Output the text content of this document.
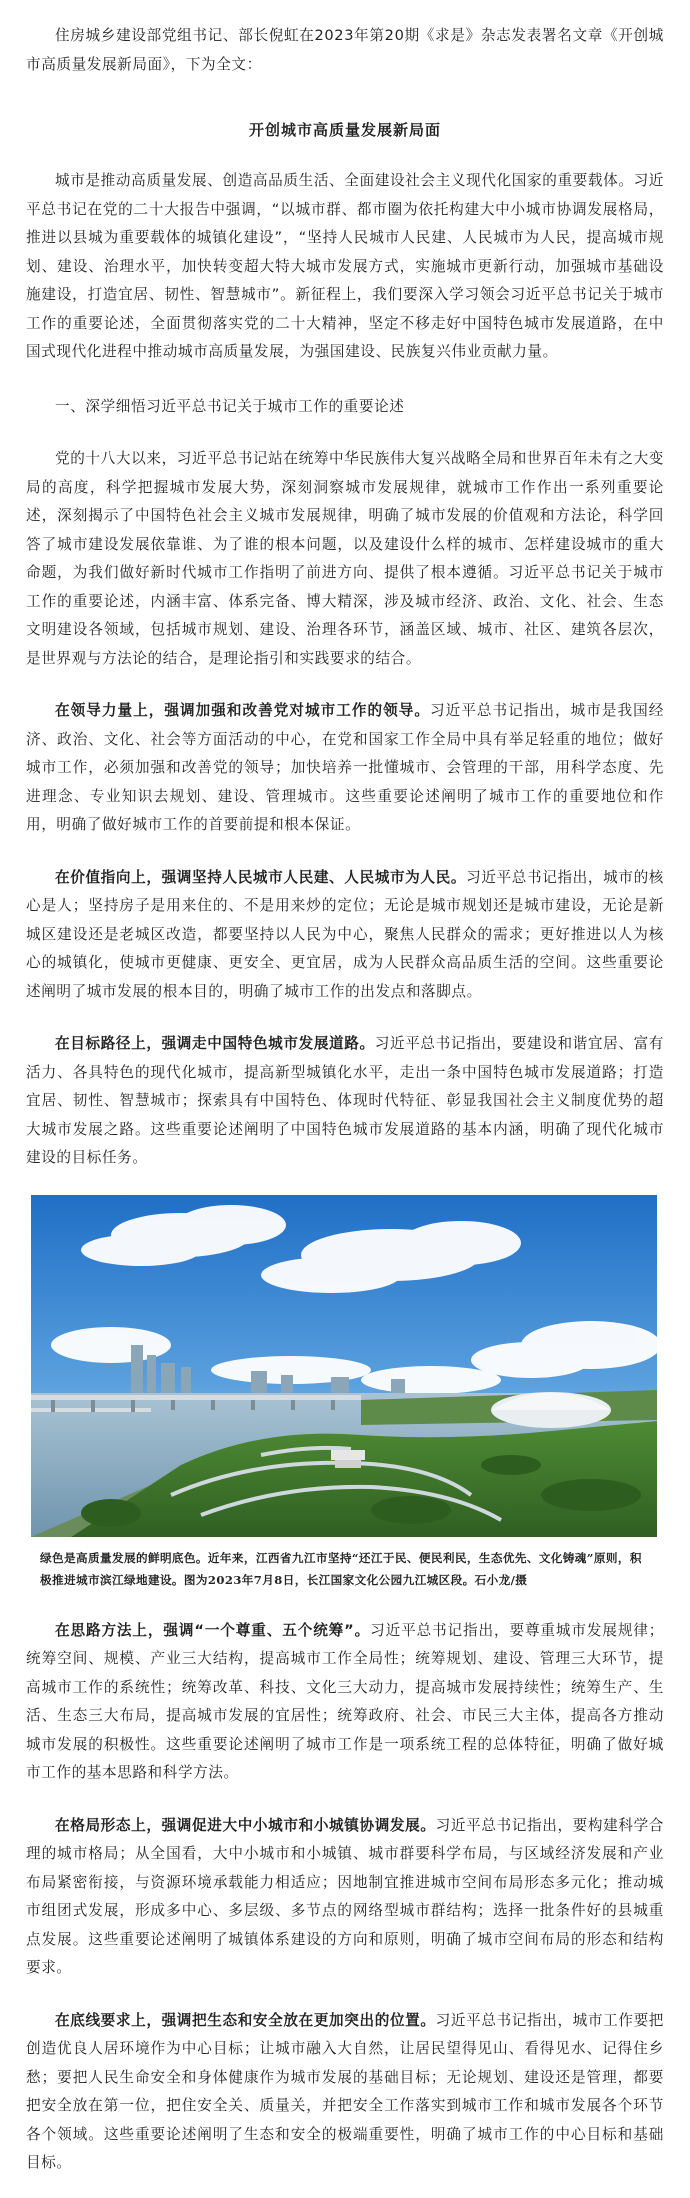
住房城乡建设部党组书记、部长倪虹在2023年第20期《求是》杂志发表署名文章《开创城市高质量发展新局面》，下为全文：

开创城市高质量发展新局面

城市是推动高质量发展、创造高品质生活、全面建设社会主义现代化国家的重要载体。习近平总书记在党的二十大报告中强调，“以城市群、都市圈为依托构建大中小城市协调发展格局，推进以县城为重要载体的城镇化建设”，“坚持人民城市人民建、人民城市为人民，提高城市规划、建设、治理水平，加快转变超大特大城市发展方式，实施城市更新行动，加强城市基础设施建设，打造宜居、韧性、智慧城市”。新征程上，我们要深入学习领会习近平总书记关于城市工作的重要论述，全面贯彻落实党的二十大精神，坚定不移走好中国特色城市发展道路，在中国式现代化进程中推动城市高质量发展，为强国建设、民族复兴伟业贡献力量。

一、深学细悟习近平总书记关于城市工作的重要论述

党的十八大以来，习近平总书记站在统筹中华民族伟大复兴战略全局和世界百年未有之大变局的高度，科学把握城市发展大势，深刻洞察城市发展规律，就城市工作作出一系列重要论述，深刻揭示了中国特色社会主义城市发展规律，明确了城市发展的价值观和方法论，科学回答了城市建设发展依靠谁、为了谁的根本问题，以及建设什么样的城市、怎样建设城市的重大命题，为我们做好新时代城市工作指明了前进方向、提供了根本遵循。习近平总书记关于城市工作的重要论述，内涵丰富、体系完备、博大精深，涉及城市经济、政治、文化、社会、生态文明建设各领域，包括城市规划、建设、治理各环节，涵盖区域、城市、社区、建筑各层次，是世界观与方法论的结合，是理论指引和实践要求的结合。

在领导力量上，强调加强和改善党对城市工作的领导。习近平总书记指出，城市是我国经济、政治、文化、社会等方面活动的中心，在党和国家工作全局中具有举足轻重的地位；做好城市工作，必须加强和改善党的领导；加快培养一批懂城市、会管理的干部，用科学态度、先进理念、专业知识去规划、建设、管理城市。这些重要论述阐明了城市工作的重要地位和作用，明确了做好城市工作的首要前提和根本保证。

在价值指向上，强调坚持人民城市人民建、人民城市为人民。习近平总书记指出，城市的核心是人；坚持房子是用来住的、不是用来炒的定位；无论是城市规划还是城市建设，无论是新城区建设还是老城区改造，都要坚持以人民为中心，聚焦人民群众的需求；更好推进以人为核心的城镇化，使城市更健康、更安全、更宜居，成为人民群众高品质生活的空间。这些重要论述阐明了城市发展的根本目的，明确了城市工作的出发点和落脚点。

在目标路径上，强调走中国特色城市发展道路。习近平总书记指出，要建设和谐宜居、富有活力、各具特色的现代化城市，提高新型城镇化水平，走出一条中国特色城市发展道路；打造宜居、韧性、智慧城市；探索具有中国特色、体现时代特征、彰显我国社会主义制度优势的超大城市发展之路。这些重要论述阐明了中国特色城市发展道路的基本内涵，明确了现代化城市建设的目标任务。

绿色是高质量发展的鲜明底色。近年来，江西省九江市坚持“还江于民、便民利民，生态优先、文化铸魂”原则，积极推进城市滨江绿地建设。图为2023年7月8日，长江国家文化公园九江城区段。石小龙/摄

在思路方法上，强调“一个尊重、五个统筹”。习近平总书记指出，要尊重城市发展规律；统筹空间、规模、产业三大结构，提高城市工作全局性；统筹规划、建设、管理三大环节，提高城市工作的系统性；统筹改革、科技、文化三大动力，提高城市发展持续性；统筹生产、生活、生态三大布局，提高城市发展的宜居性；统筹政府、社会、市民三大主体，提高各方推动城市发展的积极性。这些重要论述阐明了城市工作是一项系统工程的总体特征，明确了做好城市工作的基本思路和科学方法。

在格局形态上，强调促进大中小城市和小城镇协调发展。习近平总书记指出，要构建科学合理的城市格局；从全国看，大中小城市和小城镇、城市群要科学布局，与区域经济发展和产业布局紧密衔接，与资源环境承载能力相适应；因地制宜推进城市空间布局形态多元化；推动城市组团式发展，形成多中心、多层级、多节点的网络型城市群结构；选择一批条件好的县城重点发展。这些重要论述阐明了城镇体系建设的方向和原则，明确了城市空间布局的形态和结构要求。

在底线要求上，强调把生态和安全放在更加突出的位置。习近平总书记指出，城市工作要把创造优良人居环境作为中心目标；让城市融入大自然，让居民望得见山、看得见水、记得住乡愁；要把人民生命安全和身体健康作为城市发展的基础目标；无论规划、建设还是管理，都要把安全放在第一位，把住安全关、质量关，并把安全工作落实到城市工作和城市发展各个环节各个领域。这些重要论述阐明了生态和安全的极端重要性，明确了城市工作的中心目标和基础目标。
